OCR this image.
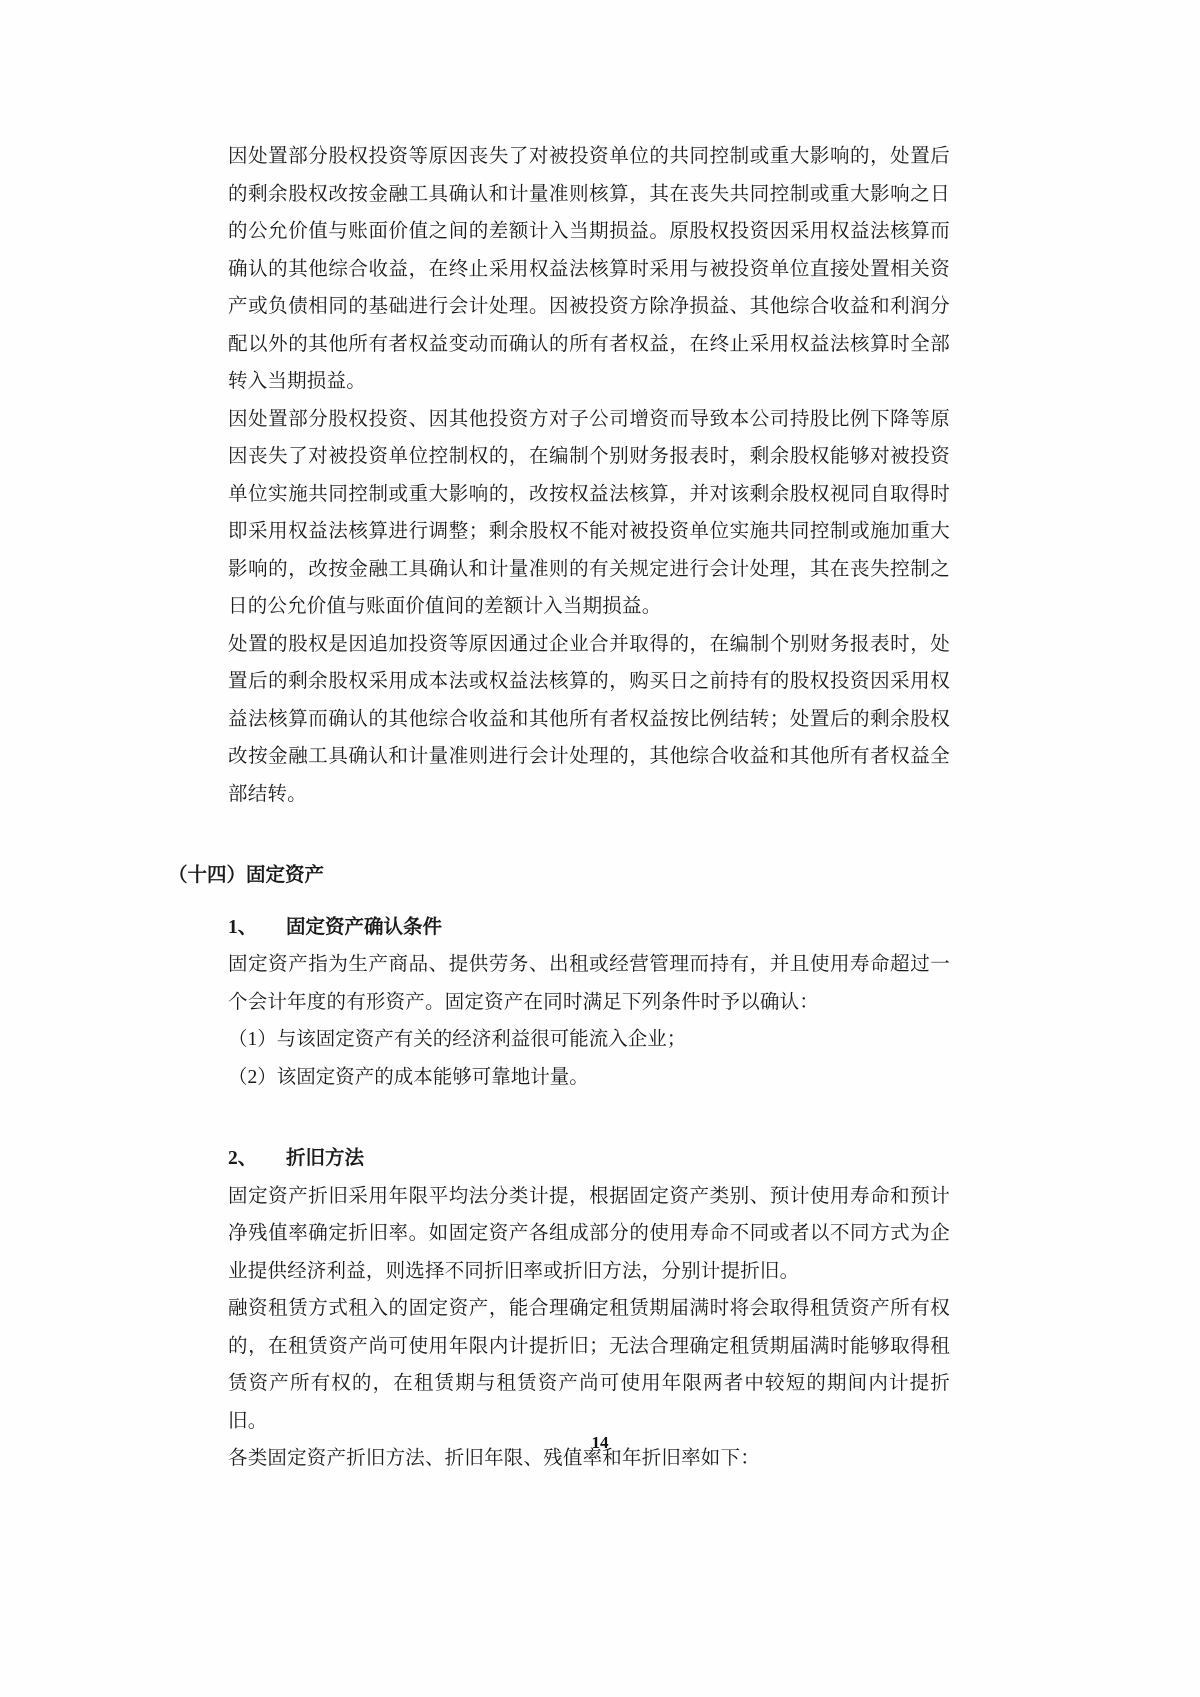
因处置部分股权投资等原因丧失了对被投资单位的共同控制或重大影响的，处置后的剩余股权改按金融工具确认和计量准则核算，其在丧失共同控制或重大影响之日的公允价值与账面价值之间的差额计入当期损益。原股权投资因采用权益法核算而确认的其他综合收益，在终止采用权益法核算时采用与被投资单位直接处置相关资产或负债相同的基础进行会计处理。因被投资方除净损益、其他综合收益和利润分配以外的其他所有者权益变动而确认的所有者权益，在终止采用权益法核算时全部转入当期损益。

因处置部分股权投资、因其他投资方对子公司增资而导致本公司持股比例下降等原因丧失了对被投资单位控制权的，在编制个别财务报表时，剩余股权能够对被投资单位实施共同控制或重大影响的，改按权益法核算，并对该剩余股权视同自取得时即采用权益法核算进行调整；剩余股权不能对被投资单位实施共同控制或施加重大影响的，改按金融工具确认和计量准则的有关规定进行会计处理，其在丧失控制之日的公允价值与账面价值间的差额计入当期损益。

处置的股权是因追加投资等原因通过企业合并取得的，在编制个别财务报表时，处置后的剩余股权采用成本法或权益法核算的，购买日之前持有的股权投资因采用权益法核算而确认的其他综合收益和其他所有者权益按比例结转；处置后的剩余股权改按金融工具确认和计量准则进行会计处理的，其他综合收益和其他所有者权益全部结转。

（十四）固定资产
1、 固定资产确认条件

固定资产指为生产商品、提供劳务、出租或经营管理而持有，并且使用寿命超过一个会计年度的有形资产。固定资产在同时满足下列条件时予以确认：

（1）与该固定资产有关的经济利益很可能流入企业；

（2）该固定资产的成本能够可靠地计量。

2、 折旧方法

固定资产折旧采用年限平均法分类计提，根据固定资产类别、预计使用寿命和预计净残值率确定折旧率。如固定资产各组成部分的使用寿命不同或者以不同方式为企业提供经济利益，则选择不同折旧率或折旧方法，分别计提折旧。

融资租赁方式租入的固定资产，能合理确定租赁期届满时将会取得租赁资产所有权的，在租赁资产尚可使用年限内计提折旧；无法合理确定租赁期届满时能够取得租赁资产所有权的，在租赁期与租赁资产尚可使用年限两者中较短的期间内计提折旧。

各类固定资产折旧方法、折旧年限、残值率和年折旧率如下：

14
